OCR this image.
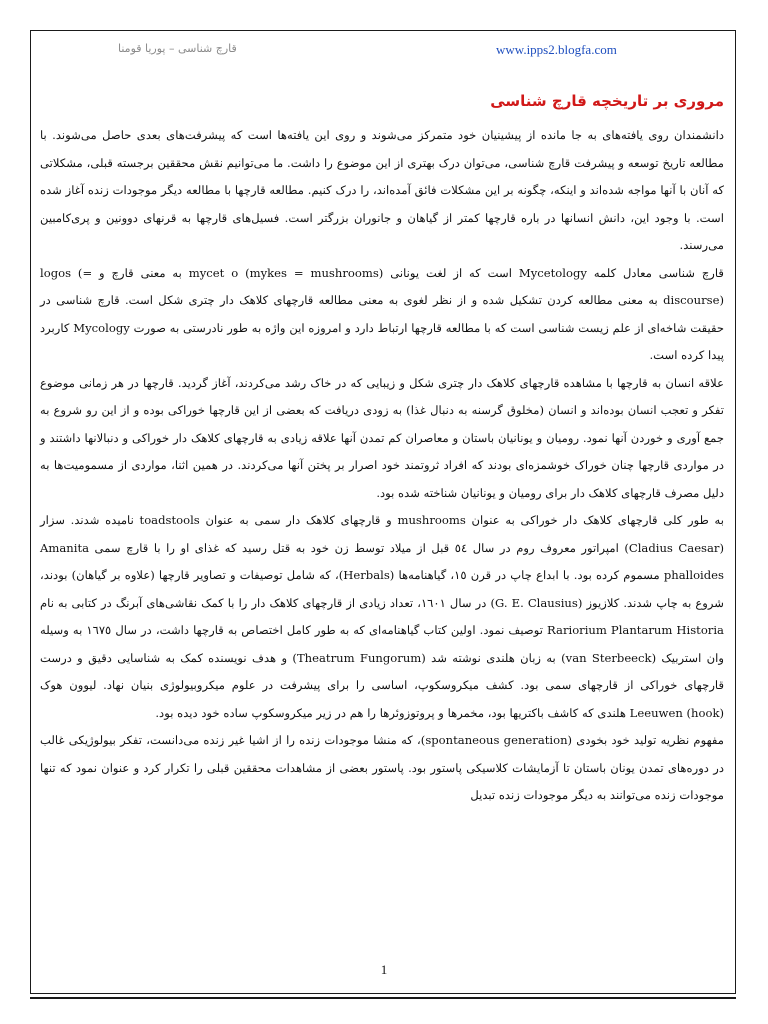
قارچ شناسی – پوریا قومنا	www.ipps2.blogfa.com
مروری بر تاریخچه قارچ شناسی

دانشمندان روی یافته‌های به جا مانده از پیشینیان خود متمرکز می‌شوند و روی این یافته‌ها است که پیشرفت‌های بعدی حاصل می‌شوند. با مطالعه تاریخ توسعه و پیشرفت قارچ شناسی، می‌توان درک بهتری از این موضوع را داشت. ما می‌توانیم نقش محققین برجسته قبلی، مشکلاتی که آنان با آنها مواجه شده‌اند و اینکه، چگونه بر این مشکلات فائق آمده‌اند، را درک کنیم. مطالعه قارچها با مطالعه دیگر موجودات زنده آغاز شده است. با وجود این، دانش انسانها در باره قارچها کمتر از گیاهان و جانوران بزرگتر است. فسیل‌های قارچها به قرنهای دوونین و پری‌کامبین می‌رسند.

قارچ شناسی معادل کلمه Mycetology است که از لغت یونانی mycet o (mykes = mushrooms) به معنی قارچ و logos (= discourse) به معنی مطالعه کردن تشکیل شده و از نظر لغوی به معنی مطالعه قارچهای کلاهک دار چتری شکل است. قارچ شناسی در حقیقت شاخه‌ای از علم زیست شناسی است که با مطالعه قارچها ارتباط دارد و امروزه این واژه به طور نادرستی به صورت Mycology کاربرد پیدا کرده است.

علاقه انسان به قارچها با مشاهده قارچهای کلاهک دار چتری شکل و زیبایی که در خاک رشد می‌کردند، آغاز گردید. قارچها در هر زمانی موضوع تفکر و تعجب انسان بوده‌اند و انسان (مخلوق گرسنه به دنبال غذا) به زودی دریافت که بعضی از این قارچها خوراکی بوده و از این رو شروع به جمع آوری و خوردن آنها نمود. رومیان و یونانیان باستان و معاصران کم تمدن آنها علاقه زیادی به قارچهای کلاهک دار خوراکی و دنبالانها داشتند و در مواردی قارچها چنان خوراک خوشمزه‌ای بودند که افراد ثروتمند خود اصرار بر پختن آنها می‌کردند. در همین اثنا، مواردی از مسمومیت‌ها به دلیل مصرف قارچهای کلاهک دار برای رومیان و یونانیان شناخته شده بود.

به طور کلی قارچهای کلاهک دار خوراکی به عنوان mushrooms و قارچهای کلاهک دار سمی به عنوان toadstools نامیده شدند. سزار (Cladius Caesar) امپراتور معروف روم در سال ٥٤ قبل از میلاد توسط زن خود به قتل رسید که غذای او را با قارچ سمی Amanita phalloides مسموم کرده بود. با ابداع چاپ در قرن ١٥، گیاهنامه‌ها (Herbals)، که شامل توصیفات و تصاویر قارچها (علاوه بر گیاهان) بودند، شروع به چاپ شدند. کلازیوز (G. E. Clausius) در سال ١٦٠١، تعداد زیادی از قارچهای کلاهک دار را با کمک نقاشی‌های آبرنگ در کتابی به نام Rariorium Plantarum Historia توصیف نمود. اولین کتاب گیاهنامه‌ای که به طور کامل اختصاص به قارچها داشت، در سال ١٦٧٥ به وسیله وان استربیک (van Sterbeeck) به زبان هلندی نوشته شد (Theatrum Fungorum) و هدف نویسنده کمک به شناسایی دقیق و درست قارچهای خوراکی از قارچهای سمی بود. کشف میکروسکوپ، اساسی را برای پیشرفت در علوم میکروبیولوژی بنیان نهاد. لیوون هوک Leeuwen (hook) هلندی که کاشف باکتریها بود، مخمرها و پروتوزوئرها را هم در زیر میکروسکوپ ساده خود دیده بود.

مفهوم نظریه تولید خود بخودی (spontaneous generation)، که منشا موجودات زنده را از اشیا غیر زنده می‌دانست، تفکر بیولوژیکی غالب در دوره‌های تمدن یونان باستان تا آزمایشات کلاسیکی پاستور بود. پاستور بعضی از مشاهدات محققین قبلی را تکرار کرد و عنوان نمود که تنها موجودات زنده می‌توانند به دیگر موجودات زنده تبدیل

1
